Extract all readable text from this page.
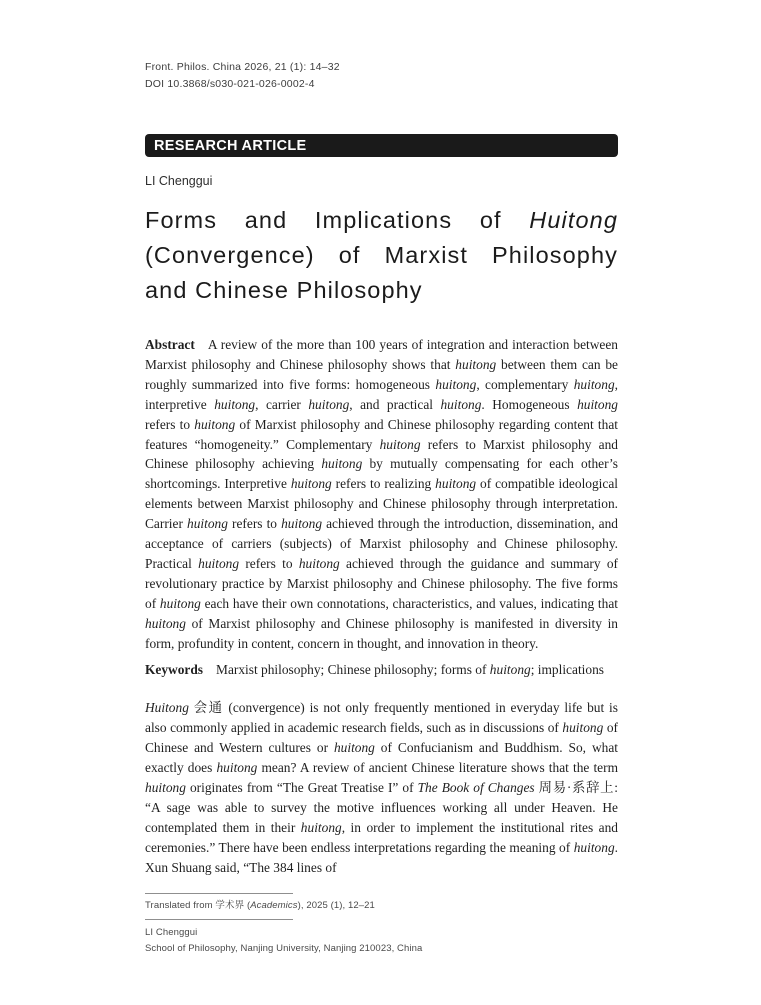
Front. Philos. China 2026, 21 (1): 14–32
DOI 10.3868/s030-021-026-0002-4
RESEARCH ARTICLE
LI Chenggui
Forms and Implications of Huitong
(Convergence) of Marxist Philosophy
and Chinese Philosophy

Abstract A review of the more than 100 years of integration and interaction between Marxist philosophy and Chinese philosophy shows that huitong between them can be roughly summarized into five forms: homogeneous huitong, complementary huitong, interpretive huitong, carrier huitong, and practical huitong. Homogeneous huitong refers to huitong of Marxist philosophy and Chinese philosophy regarding content that features “homogeneity.” Complementary huitong refers to Marxist philosophy and Chinese philosophy achieving huitong by mutually compensating for each other’s shortcomings. Interpretive huitong refers to realizing huitong of compatible ideological elements between Marxist philosophy and Chinese philosophy through interpretation. Carrier huitong refers to huitong achieved through the introduction, dissemination, and acceptance of carriers (subjects) of Marxist philosophy and Chinese philosophy. Practical huitong refers to huitong achieved through the guidance and summary of revolutionary practice by Marxist philosophy and Chinese philosophy. The five forms of huitong each have their own connotations, characteristics, and values, indicating that huitong of Marxist philosophy and Chinese philosophy is manifested in diversity in form, profundity in content, concern in thought, and innovation in theory.

Keywords Marxist philosophy; Chinese philosophy; forms of huitong; implications

Huitong 会通 (convergence) is not only frequently mentioned in everyday life but is also commonly applied in academic research fields, such as in discussions of huitong of Chinese and Western cultures or huitong of Confucianism and Buddhism. So, what exactly does huitong mean? A review of ancient Chinese literature shows that the term huitong originates from “The Great Treatise I” of The Book of Changes 周易·系辞上: “A sage was able to survey the motive influences working all under Heaven. He contemplated them in their huitong, in order to implement the institutional rites and ceremonies.” There have been endless interpretations regarding the meaning of huitong. Xun Shuang said, “The 384 lines of

Translated from 学术界 (Academics), 2025 (1), 12–21
LI Chenggui
School of Philosophy, Nanjing University, Nanjing 210023, China
